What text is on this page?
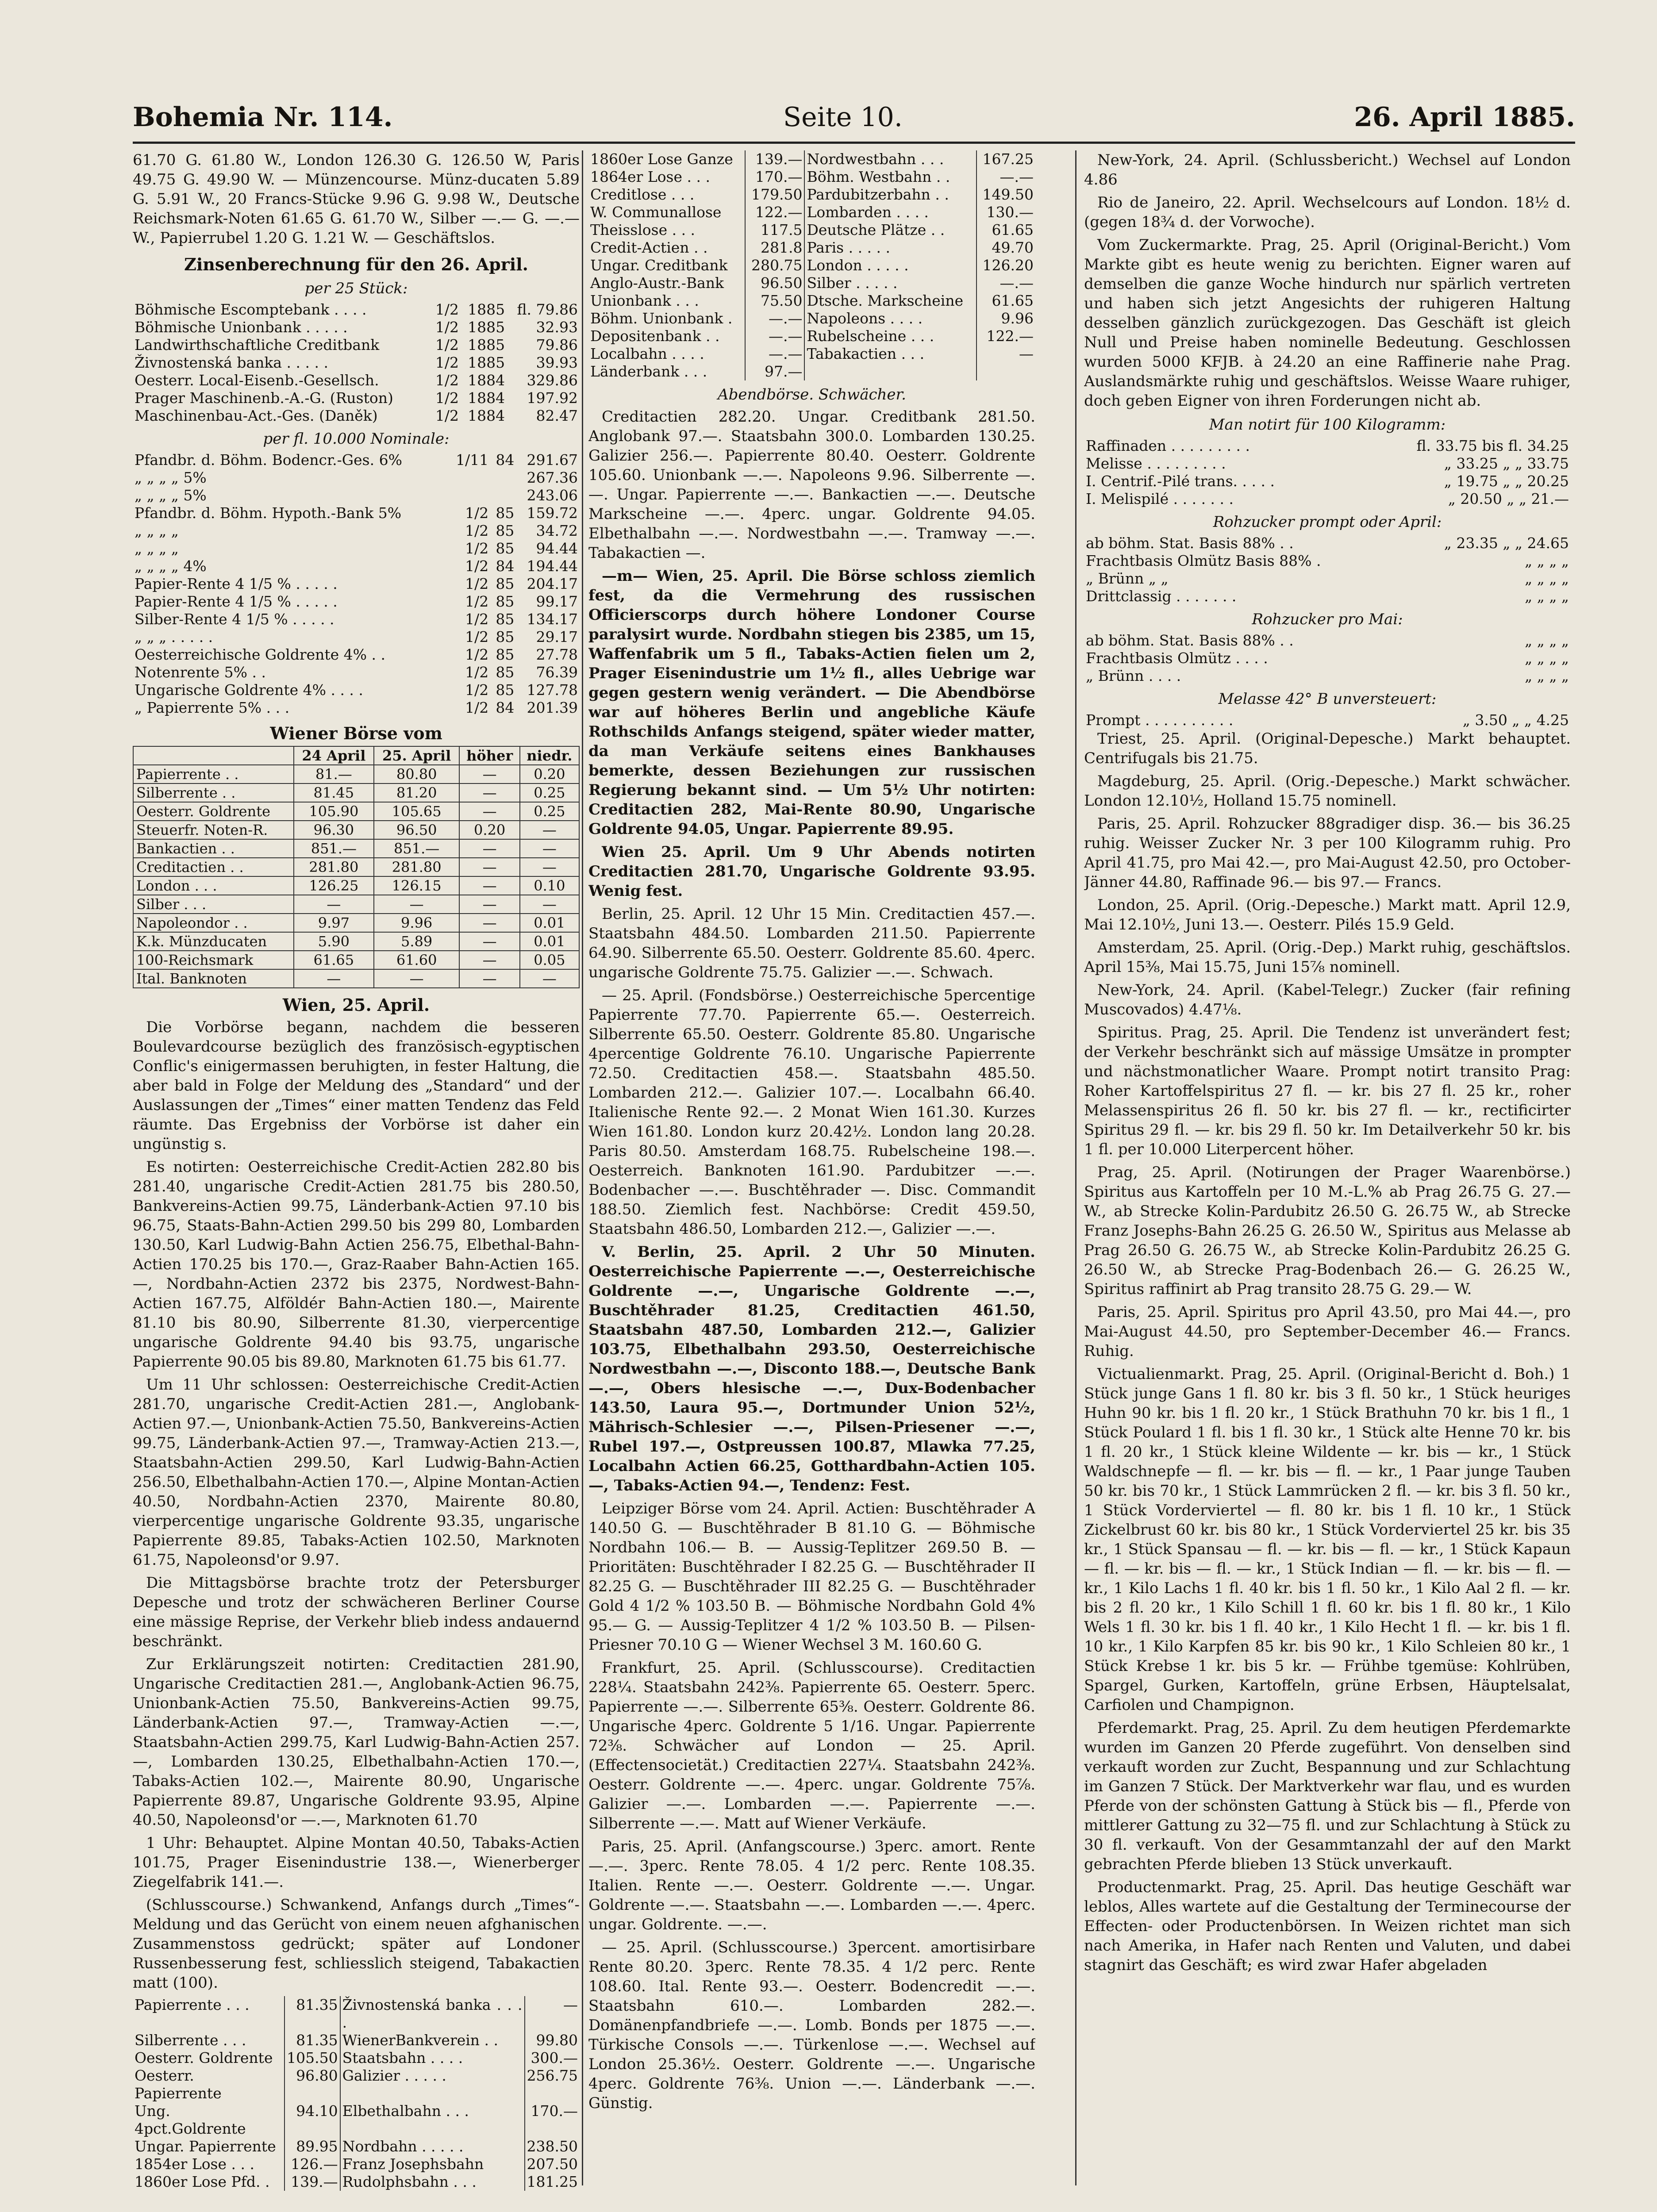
Bohemia Nr. 114.	Seite 10.	26. April 1885.

61.70 G. 61.80 W., London 126.30 G. 126.50 W, Paris 49.75 G. 49.90 W. — Münzencourse. Münz-ducaten 5.89 G. 5.91 W., 20 Francs-Stücke 9.96 G. 9.98 W., Deutsche Reichsmark-Noten 61.65 G. 61.70 W., Silber —.— G. —.— W., Papierrubel 1.20 G. 1.21 W. — Geschäftslos.

Zinsenberechnung für den 26. April.
per 25 Stück:
Böhmische Escomptebank . . . .	1/2	1885	fl. 79.86
Böhmische Unionbank . . . . .	1/2	1885	32.93
Landwirthschaftliche Creditbank	1/2	1885	79.86
Živnostenská banka . . . . .	1/2	1885	39.93
Oesterr. Local-Eisenb.-Gesellsch.	1/2	1884	329.86
Prager Maschinenb.-A.-G. (Ruston)	1/2	1884	197.92
Maschinenbau-Act.-Ges. (Daněk)	1/2	1884	82.47
per fl. 10.000 Nominale:
Pfandbr. d. Böhm. Bodencr.-Ges. 6%	1/11	84	291.67
„ „ „ „ 5%			267.36
„ „ „ „ 5%			243.06
Pfandbr. d. Böhm. Hypoth.-Bank 5%	1/2	85	159.72
„ „ „ „	1/2	85	34.72
„ „ „ „	1/2	85	94.44
„ „ „ „ 4%	1/2	84	194.44
Papier-Rente 4 1/5 % . . . . .	1/2	85	204.17
Papier-Rente 4 1/5 % . . . . .	1/2	85	99.17
Silber-Rente 4 1/5 % . . . . .	1/2	85	134.17
„ „ „ . . . . .	1/2	85	29.17
Oesterreichische Goldrente 4% . .	1/2	85	27.78
Notenrente 5% . .	1/2	85	76.39
Ungarische Goldrente 4% . . . .	1/2	85	127.78
„ Papierrente 5% . . .	1/2	84	201.39
Wiener Börse vom
	24 April	25. April	höher	niedr.
Papierrente . .	81.—	80.80	—	0.20
Silberrente . .	81.45	81.20	—	0.25
Oesterr. Goldrente	105.90	105.65	—	0.25
Steuerfr. Noten-R.	96.30	96.50	0.20	—
Bankactien . .	851.—	851.—	—	—
Creditactien . .	281.80	281.80	—	—
London . . .	126.25	126.15	—	0.10
Silber . . .	—	—	—	—
Napoleondor . .	9.97	9.96	—	0.01
K.k. Münzducaten	5.90	5.89	—	0.01
100-Reichsmark	61.65	61.60	—	0.05
Ital. Banknoten	—	—	—	—
Wien, 25. April.

Die Vorbörse begann, nachdem die besseren Boulevardcourse bezüglich des französisch-egyptischen Conflic's einigermassen beruhigten, in fester Haltung, die aber bald in Folge der Meldung des „Standard“ und der Auslassungen der „Times“ einer matten Tendenz das Feld räumte. Das Ergebniss der Vorbörse ist daher ein ungünstig s.

Es notirten: Oesterreichische Credit-Actien 282.80 bis 281.40, ungarische Credit-Actien 281.75 bis 280.50, Bankvereins-Actien 99.75, Länderbank-Actien 97.10 bis 96.75, Staats-Bahn-Actien 299.50 bis 299 80, Lombarden 130.50, Karl Ludwig-Bahn Actien 256.75, Elbethal-Bahn-Actien 170.25 bis 170.—, Graz-Raaber Bahn-Actien 165.—, Nordbahn-Actien 2372 bis 2375, Nordwest-Bahn-Actien 167.75, Alföldér Bahn-Actien 180.—, Mairente 81.10 bis 80.90, Silberrente 81.30, vierpercentige ungarische Goldrente 94.40 bis 93.75, ungarische Papierrente 90.05 bis 89.80, Marknoten 61.75 bis 61.77.

Um 11 Uhr schlossen: Oesterreichische Credit-Actien 281.70, ungarische Credit-Actien 281.—, Anglobank-Actien 97.—, Unionbank-Actien 75.50, Bankvereins-Actien 99.75, Länderbank-Actien 97.—, Tramway-Actien 213.—, Staatsbahn-Actien 299.50, Karl Ludwig-Bahn-Actien 256.50, Elbethalbahn-Actien 170.—, Alpine Montan-Actien 40.50, Nordbahn-Actien 2370, Mairente 80.80, vierpercentige ungarische Goldrente 93.35, ungarische Papierrente 89.85, Tabaks-Actien 102.50, Marknoten 61.75, Napoleonsd'or 9.97.

Die Mittagsbörse brachte trotz der Petersburger Depesche und trotz der schwächeren Berliner Course eine mässige Reprise, der Verkehr blieb indess andauernd beschränkt.

Zur Erklärungszeit notirten: Creditactien 281.90, Ungarische Creditactien 281.—, Anglobank-Actien 96.75, Unionbank-Actien 75.50, Bankvereins-Actien 99.75, Länderbank-Actien 97.—, Tramway-Actien —.—, Staatsbahn-Actien 299.75, Karl Ludwig-Bahn-Actien 257.—, Lombarden 130.25, Elbethalbahn-Actien 170.—, Tabaks-Actien 102.—, Mairente 80.90, Ungarische Papierrente 89.87, Ungarische Goldrente 93.95, Alpine 40.50, Napoleonsd'or —.—, Marknoten 61.70

1 Uhr: Behauptet. Alpine Montan 40.50, Tabaks-Actien 101.75, Prager Eisenindustrie 138.—, Wienerberger Ziegelfabrik 141.—.

(Schlusscourse.) Schwankend, Anfangs durch „Times“-Meldung und das Gerücht von einem neuen afghanischen Zusammenstoss gedrückt; später auf Londoner Russenbesserung fest, schliesslich steigend, Tabakactien matt (100).

Papierrente . . .	81.35	Živnostenská banka . . . .	—
Silberrente . . .	81.35	WienerBankverein . .	99.80
Oesterr. Goldrente	105.50	Staatsbahn . . . .	300.—
Oesterr. Papierrente	96.80	Galizier . . . . .	256.75
Ung. 4pct.Goldrente	94.10	Elbethalbahn . . .	170.—
Ungar. Papierrente	89.95	Nordbahn . . . . .	238.50
1854er Lose . . .	126.—	Franz Josephsbahn	207.50
1860er Lose Pfd. .	139.—	Rudolphsbahn . . .	181.25
1860er Lose Ganze	139.—	Nordwestbahn . . .	167.25
1864er Lose . . .	170.—	Böhm. Westbahn . .	—.—
Creditlose . . .	179.50	Pardubitzerbahn . .	149.50
W. Communallose	122.—	Lombarden . . . .	130.—
Theisslose . . .	117.5	Deutsche Plätze . .	61.65
Credit-Actien . .	281.8	Paris . . . . .	49.70
Ungar. Creditbank	280.75	London . . . . .	126.20
Anglo-Austr.-Bank	96.50	Silber . . . . .	—.—
Unionbank . . .	75.50	Dtsche. Markscheine	61.65
Böhm. Unionbank .	—.—	Napoleons . . . .	9.96
Depositenbank . .	—.—	Rubelscheine . . .	122.—
Localbahn . . . .	—.—	Tabakactien . . .	—
Länderbank . . .	97.—		
Abendbörse. Schwächer.

Creditactien 282.20. Ungar. Creditbank 281.50. Anglobank 97.—. Staatsbahn 300.0. Lombarden 130.25. Galizier 256.—. Papierrente 80.40. Oesterr. Goldrente 105.60. Unionbank —.—. Napoleons 9.96. Silberrente —.—. Ungar. Papierrente —.—. Bankactien —.—. Deutsche Markscheine —.—. 4perc. ungar. Goldrente 94.05. Elbethalbahn —.—. Nordwestbahn —.—. Tramway —.—. Tabakactien —.

—m— Wien, 25. April. Die Börse schloss ziemlich fest, da die Vermehrung des russischen Officierscorps durch höhere Londoner Course paralysirt wurde. Nordbahn stiegen bis 2385, um 15, Waffenfabrik um 5 fl., Tabaks-Actien fielen um 2, Prager Eisenindustrie um 1½ fl., alles Uebrige war gegen gestern wenig verändert. — Die Abendbörse war auf höheres Berlin und angebliche Käufe Rothschilds Anfangs steigend, später wieder matter, da man Verkäufe seitens eines Bankhauses bemerkte, dessen Beziehungen zur russischen Regierung bekannt sind. — Um 5½ Uhr notirten: Creditactien 282, Mai-Rente 80.90, Ungarische Goldrente 94.05, Ungar. Papierrente 89.95.

Wien 25. April. Um 9 Uhr Abends notirten Creditactien 281.70, Ungarische Goldrente 93.95. Wenig fest.

Berlin, 25. April. 12 Uhr 15 Min. Creditactien 457.—. Staatsbahn 484.50. Lombarden 211.50. Papierrente 64.90. Silberrente 65.50. Oesterr. Goldrente 85.60. 4perc. ungarische Goldrente 75.75. Galizier —.—. Schwach.

— 25. April. (Fondsbörse.) Oesterreichische 5percentige Papierrente 77.70. Papierrente 65.—. Oesterreich. Silberrente 65.50. Oesterr. Goldrente 85.80. Ungarische 4percentige Goldrente 76.10. Ungarische Papierrente 72.50. Creditactien 458.—. Staatsbahn 485.50. Lombarden 212.—. Galizier 107.—. Localbahn 66.40. Italienische Rente 92.—. 2 Monat Wien 161.30. Kurzes Wien 161.80. London kurz 20.42½. London lang 20.28. Paris 80.50. Amsterdam 168.75. Rubelscheine 198.—. Oesterreich. Banknoten 161.90. Pardubitzer —.—. Bodenbacher —.—. Buschtěhrader —. Disc. Commandit 188.50. Ziemlich fest. Nachbörse: Credit 459.50, Staatsbahn 486.50, Lombarden 212.—, Galizier —.—.

V. Berlin, 25. April. 2 Uhr 50 Minuten. Oesterreichische Papierrente —.—, Oesterreichische Goldrente —.—, Ungarische Goldrente —.—, Buschtěhrader 81.25, Creditactien 461.50, Staatsbahn 487.50, Lombarden 212.—, Galizier 103.75, Elbethalbahn 293.50, Oesterreichische Nordwestbahn —.—, Disconto 188.—, Deutsche Bank —.—, Obers hlesische —.—, Dux-Bodenbacher 143.50, Laura 95.—, Dortmunder Union 52½, Mährisch-Schlesier —.—, Pilsen-Priesener —.—, Rubel 197.—, Ostpreussen 100.87, Mlawka 77.25, Localbahn Actien 66.25, Gotthardbahn-Actien 105.—, Tabaks-Actien 94.—, Tendenz: Fest.

Leipziger Börse vom 24. April. Actien: Buschtěhrader A 140.50 G. — Buschtěhrader B 81.10 G. — Böhmische Nordbahn 106.— B. — Aussig-Teplitzer 269.50 B. — Prioritäten: Buschtěhrader I 82.25 G. — Buschtěhrader II 82.25 G. — Buschtěhrader III 82.25 G. — Buschtěhrader Gold 4 1/2 % 103.50 B. — Böhmische Nordbahn Gold 4% 95.— G. — Aussig-Teplitzer 4 1/2 % 103.50 B. — Pilsen-Priesner 70.10 G — Wiener Wechsel 3 M. 160.60 G.

Frankfurt, 25. April. (Schlusscourse). Creditactien 228¼. Staatsbahn 242⅜. Papierrente 65. Oesterr. 5perc. Papierrente —.—. Silberrente 65⅜. Oesterr. Goldrente 86. Ungarische 4perc. Goldrente 5 1/16. Ungar. Papierrente 72⅜. Schwächer auf London — 25. April. (Effectensocietät.) Creditactien 227¼. Staatsbahn 242⅜. Oesterr. Goldrente —.—. 4perc. ungar. Goldrente 75⅞. Galizier —.—. Lombarden —.—. Papierrente —.—. Silberrente —.—. Matt auf Wiener Verkäufe.

Paris, 25. April. (Anfangscourse.) 3perc. amort. Rente —.—. 3perc. Rente 78.05. 4 1/2 perc. Rente 108.35. Italien. Rente —.—. Oesterr. Goldrente —.—. Ungar. Goldrente —.—. Staatsbahn —.—. Lombarden —.—. 4perc. ungar. Goldrente. —.—.

— 25. April. (Schlusscourse.) 3percent. amortisirbare Rente 80.20. 3perc. Rente 78.35. 4 1/2 perc. Rente 108.60. Ital. Rente 93.—. Oesterr. Bodencredit —.—. Staatsbahn 610.—. Lombarden 282.—. Domänenpfandbriefe —.—. Lomb. Bonds per 1875 —.—. Türkische Consols —.—. Türkenlose —.—. Wechsel auf London 25.36½. Oesterr. Goldrente —.—. Ungarische 4perc. Goldrente 76⅜. Union —.—. Länderbank —.—. Günstig.

New-York, 24. April. (Schlussbericht.) Wechsel auf London 4.86

Rio de Janeiro, 22. April. Wechselcours auf London. 18½ d. (gegen 18¾ d. der Vorwoche).

Vom Zuckermarkte. Prag, 25. April (Original-Bericht.) Vom Markte gibt es heute wenig zu berichten. Eigner waren auf demselben die ganze Woche hindurch nur spärlich vertreten und haben sich jetzt Angesichts der ruhigeren Haltung desselben gänzlich zurückgezogen. Das Geschäft ist gleich Null und Preise haben nominelle Bedeutung. Geschlossen wurden 5000 KFJB. à 24.20 an eine Raffinerie nahe Prag. Auslandsmärkte ruhig und geschäftslos. Weisse Waare ruhiger, doch geben Eigner von ihren Forderungen nicht ab.

Man notirt für 100 Kilogramm:
Raffinaden . . . . . . . . .	fl. 33.75 bis fl. 34.25
Melisse . . . . . . . . .	„ 33.25 „ „ 33.75
I. Centrif.-Pilé trans. . . . .	„ 19.75 „ „ 20.25
I. Melispilé . . . . . . .	„ 20.50 „ „ 21.—
Rohzucker prompt oder April:
ab böhm. Stat. Basis 88% . .	„ 23.35 „ „ 24.65
Frachtbasis Olmütz Basis 88% .	„ „ „ „
„ Brünn „ „	„ „ „ „
Drittclassig . . . . . . .	„ „ „ „
Rohzucker pro Mai:
ab böhm. Stat. Basis 88% . .	„ „ „ „
Frachtbasis Olmütz . . . .	„ „ „ „
„ Brünn . . . .	„ „ „ „
Melasse 42° B unversteuert:
Prompt . . . . . . . . . .	„ 3.50 „ „ 4.25

Triest, 25. April. (Original-Depesche.) Markt behauptet. Centrifugals bis 21.75.

Magdeburg, 25. April. (Orig.-Depesche.) Markt schwächer. London 12.10½, Holland 15.75 nominell.

Paris, 25. April. Rohzucker 88gradiger disp. 36.— bis 36.25 ruhig. Weisser Zucker Nr. 3 per 100 Kilogramm ruhig. Pro April 41.75, pro Mai 42.—, pro Mai-August 42.50, pro October-Jänner 44.80, Raffinade 96.— bis 97.— Francs.

London, 25. April. (Orig.-Depesche.) Markt matt. April 12.9, Mai 12.10½, Juni 13.—. Oesterr. Pilés 15.9 Geld.

Amsterdam, 25. April. (Orig.-Dep.) Markt ruhig, geschäftslos. April 15⅜, Mai 15.75, Juni 15⅞ nominell.

New-York, 24. April. (Kabel-Telegr.) Zucker (fair refining Muscovados) 4.47⅛.

Spiritus. Prag, 25. April. Die Tendenz ist unverändert fest; der Verkehr beschränkt sich auf mässige Umsätze in prompter und nächstmonatlicher Waare. Prompt notirt transito Prag: Roher Kartoffelspiritus 27 fl. — kr. bis 27 fl. 25 kr., roher Melassenspiritus 26 fl. 50 kr. bis 27 fl. — kr., rectificirter Spiritus 29 fl. — kr. bis 29 fl. 50 kr. Im Detailverkehr 50 kr. bis 1 fl. per 10.000 Literpercent höher.

Prag, 25. April. (Notirungen der Prager Waarenbörse.) Spiritus aus Kartoffeln per 10 M.-L.% ab Prag 26.75 G. 27.— W., ab Strecke Kolin-Pardubitz 26.50 G. 26.75 W., ab Strecke Franz Josephs-Bahn 26.25 G. 26.50 W., Spiritus aus Melasse ab Prag 26.50 G. 26.75 W., ab Strecke Kolin-Pardubitz 26.25 G. 26.50 W., ab Strecke Prag-Bodenbach 26.— G. 26.25 W., Spiritus raffinirt ab Prag transito 28.75 G. 29.— W.

Paris, 25. April. Spiritus pro April 43.50, pro Mai 44.—, pro Mai-August 44.50, pro September-December 46.— Francs. Ruhig.

Victualienmarkt. Prag, 25. April. (Original-Bericht d. Boh.) 1 Stück junge Gans 1 fl. 80 kr. bis 3 fl. 50 kr., 1 Stück heuriges Huhn 90 kr. bis 1 fl. 20 kr., 1 Stück Brathuhn 70 kr. bis 1 fl., 1 Stück Poulard 1 fl. bis 1 fl. 30 kr., 1 Stück alte Henne 70 kr. bis 1 fl. 20 kr., 1 Stück kleine Wildente — kr. bis — kr., 1 Stück Waldschnepfe — fl. — kr. bis — fl. — kr., 1 Paar junge Tauben 50 kr. bis 70 kr., 1 Stück Lammrücken 2 fl. — kr. bis 3 fl. 50 kr., 1 Stück Vorderviertel — fl. 80 kr. bis 1 fl. 10 kr., 1 Stück Zickelbrust 60 kr. bis 80 kr., 1 Stück Vorderviertel 25 kr. bis 35 kr., 1 Stück Spansau — fl. — kr. bis — fl. — kr., 1 Stück Kapaun — fl. — kr. bis — fl. — kr., 1 Stück Indian — fl. — kr. bis — fl. — kr., 1 Kilo Lachs 1 fl. 40 kr. bis 1 fl. 50 kr., 1 Kilo Aal 2 fl. — kr. bis 2 fl. 20 kr., 1 Kilo Schill 1 fl. 60 kr. bis 1 fl. 80 kr., 1 Kilo Wels 1 fl. 30 kr. bis 1 fl. 40 kr., 1 Kilo Hecht 1 fl. — kr. bis 1 fl. 10 kr., 1 Kilo Karpfen 85 kr. bis 90 kr., 1 Kilo Schleien 80 kr., 1 Stück Krebse 1 kr. bis 5 kr. — Frühbe tgemüse: Kohlrüben, Spargel, Gurken, Kartoffeln, grüne Erbsen, Häuptelsalat, Carfiolen und Champignon.

Pferdemarkt. Prag, 25. April. Zu dem heutigen Pferdemarkte wurden im Ganzen 20 Pferde zugeführt. Von denselben sind verkauft worden zur Zucht, Bespannung und zur Schlachtung im Ganzen 7 Stück. Der Marktverkehr war flau, und es wurden Pferde von der schönsten Gattung à Stück bis — fl., Pferde von mittlerer Gattung zu 32—75 fl. und zur Schlachtung à Stück zu 30 fl. verkauft. Von der Gesammtanzahl der auf den Markt gebrachten Pferde blieben 13 Stück unverkauft.

Productenmarkt. Prag, 25. April. Das heutige Geschäft war leblos, Alles wartete auf die Gestaltung der Terminecourse der Effecten- oder Productenbörsen. In Weizen richtet man sich nach Amerika, in Hafer nach Renten und Valuten, und dabei stagnirt das Geschäft; es wird zwar Hafer abgeladen
